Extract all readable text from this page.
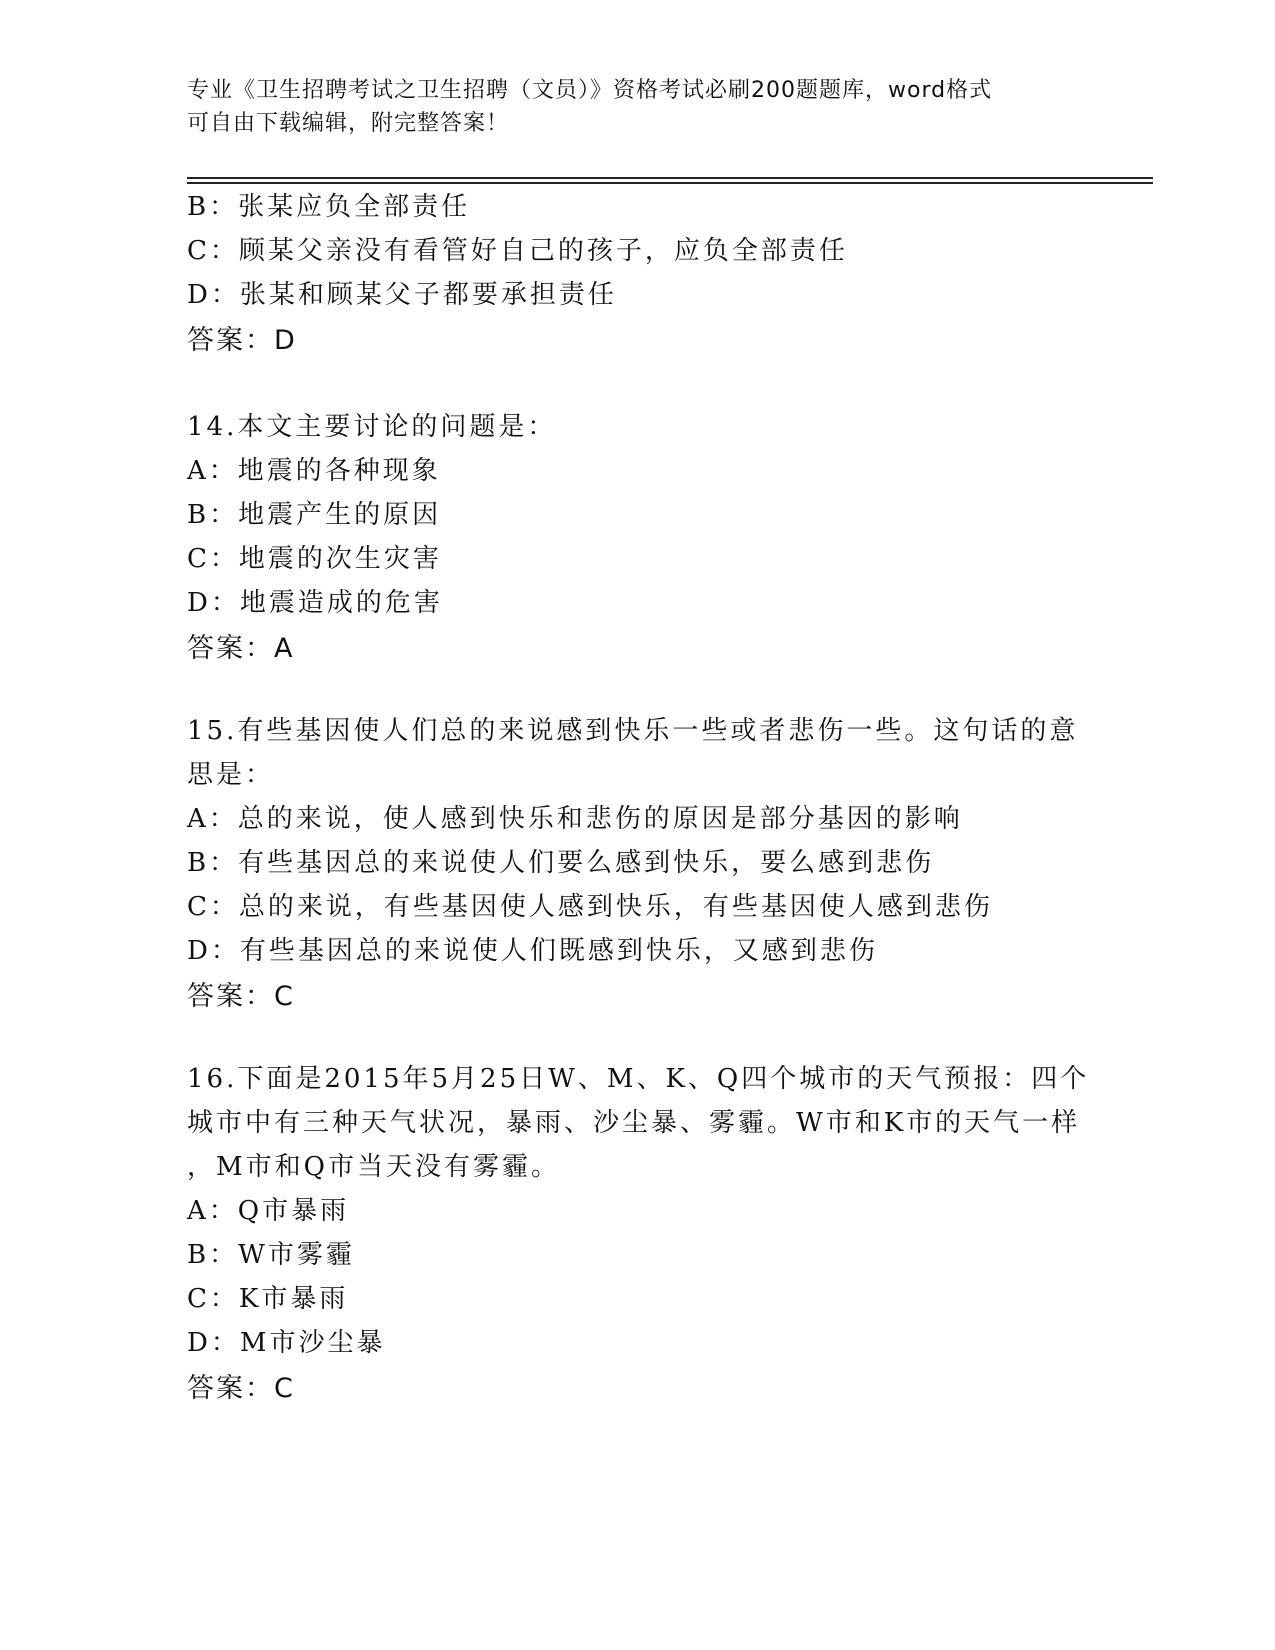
专业《卫生招聘考试之卫生招聘（文员）》资格考试必刷200题题库，word格式
可自由下载编辑，附完整答案！
B：张某应负全部责任
C：顾某父亲没有看管好自己的孩子，应负全部责任
D：张某和顾某父子都要承担责任
答案：D
14.本文主要讨论的问题是：
A：地震的各种现象
B：地震产生的原因
C：地震的次生灾害
D：地震造成的危害
答案：A
15.有些基因使人们总的来说感到快乐一些或者悲伤一些。这句话的意
思是：
A：总的来说，使人感到快乐和悲伤的原因是部分基因的影响
B：有些基因总的来说使人们要么感到快乐，要么感到悲伤
C：总的来说，有些基因使人感到快乐，有些基因使人感到悲伤
D：有些基因总的来说使人们既感到快乐，又感到悲伤
答案：C
16.下面是2015年5月25日W、M、K、Q四个城市的天气预报：四个
城市中有三种天气状况，暴雨、沙尘暴、雾霾。W市和K市的天气一样
，M市和Q市当天没有雾霾。
A：Q市暴雨
B：W市雾霾
C：K市暴雨
D：M市沙尘暴
答案：C
